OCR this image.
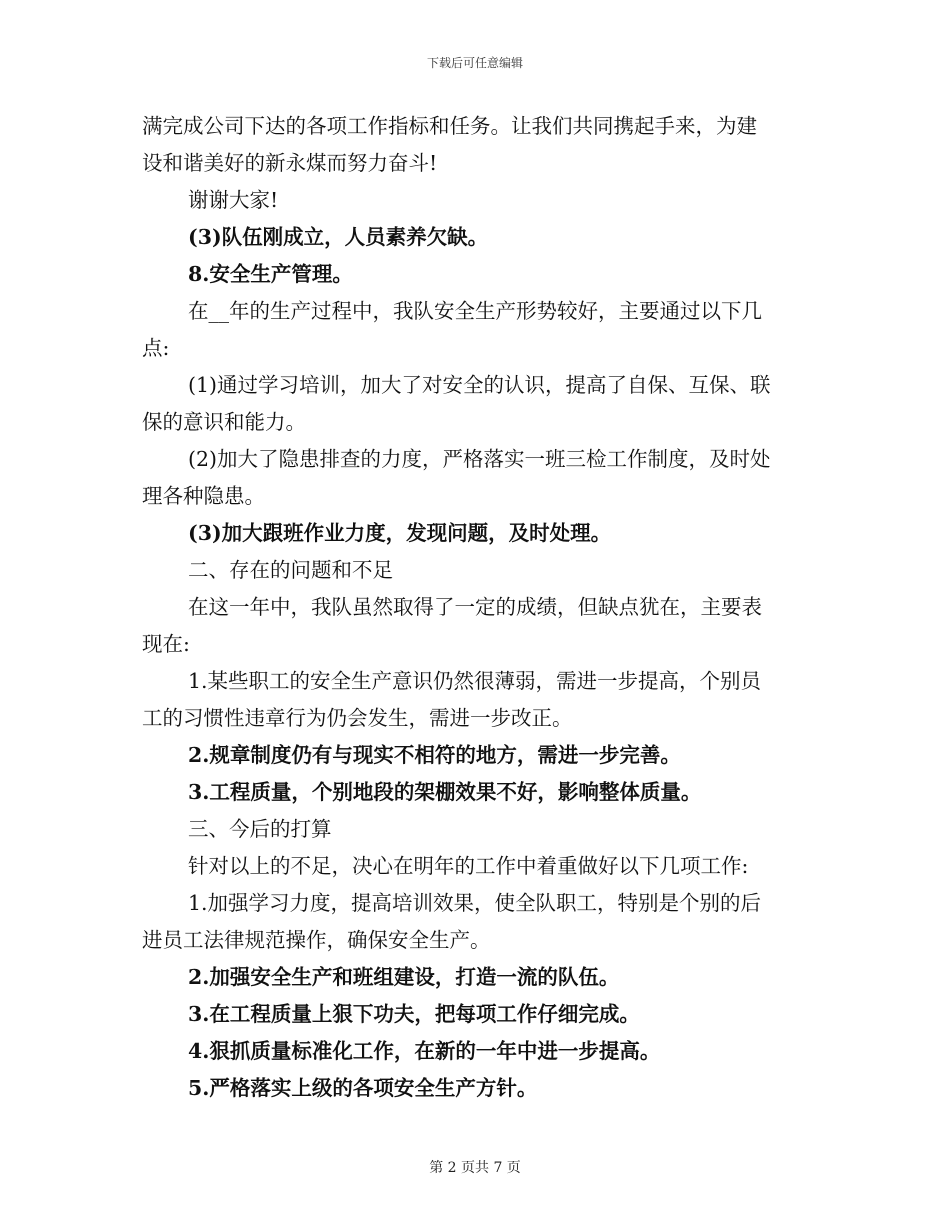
下载后可任意编辑
满完成公司下达的各项工作指标和任务。让我们共同携起手来，为建
设和谐美好的新永煤而努力奋斗!
谢谢大家!
(3)队伍刚成立，人员素养欠缺。
8.安全生产管理。
在__年的生产过程中，我队安全生产形势较好，主要通过以下几
点:
(1)通过学习培训，加大了对安全的认识，提高了自保、互保、联
保的意识和能力。
(2)加大了隐患排查的力度，严格落实一班三检工作制度，及时处
理各种隐患。
(3)加大跟班作业力度，发现问题，及时处理。
二、存在的问题和不足
在这一年中，我队虽然取得了一定的成绩，但缺点犹在，主要表
现在:
1.某些职工的安全生产意识仍然很薄弱，需进一步提高，个别员
工的习惯性违章行为仍会发生，需进一步改正。
2.规章制度仍有与现实不相符的地方，需进一步完善。
3.工程质量，个别地段的架棚效果不好，影响整体质量。
三、今后的打算
针对以上的不足，决心在明年的工作中着重做好以下几项工作:
1.加强学习力度，提高培训效果，使全队职工，特别是个别的后
进员工法律规范操作，确保安全生产。
2.加强安全生产和班组建设，打造一流的队伍。
3.在工程质量上狠下功夫，把每项工作仔细完成。
4.狠抓质量标准化工作，在新的一年中进一步提高。
5.严格落实上级的各项安全生产方针。
第 2 页共 7 页
